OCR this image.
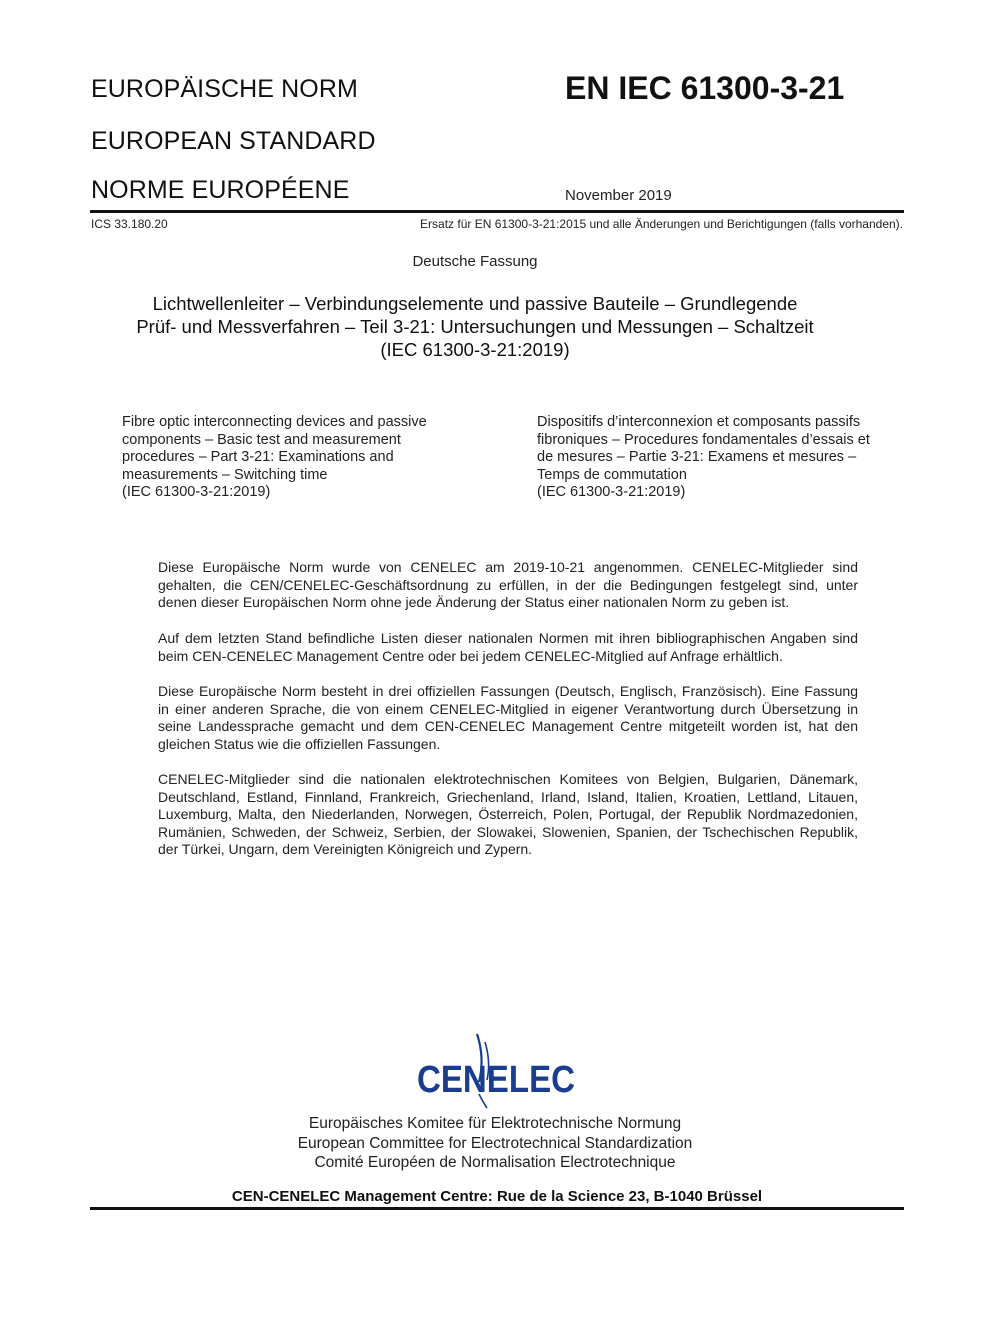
EUROPÄISCHE NORM
EUROPEAN STANDARD
NORME EUROPÉENE
EN IEC 61300-3-21
November 2019
ICS 33.180.20	Ersatz für EN 61300-3-21:2015 und alle Änderungen und Berichtigungen (falls vorhanden).
Deutsche Fassung
Lichtwellenleiter – Verbindungselemente und passive Bauteile – Grundlegende
Prüf- und Messverfahren – Teil 3-21: Untersuchungen und Messungen – Schaltzeit
(IEC 61300-3-21:2019)
Fibre optic interconnecting devices and passive
components – Basic test and measurement
procedures – Part 3-21: Examinations and
measurements – Switching time
(IEC 61300-3-21:2019)
Dispositifs d’interconnexion et composants passifs
fibroniques – Procedures fondamentales d’essais et
de mesures – Partie 3-21: Examens et mesures –
Temps de commutation
(IEC 61300-3-21:2019)
Diese Europäische Norm wurde von CENELEC am 2019-10-21 angenommen. CENELEC-Mitglieder sind
gehalten, die CEN/CENELEC-Geschäftsordnung zu erfüllen, in der die Bedingungen festgelegt sind, unter
denen dieser Europäischen Norm ohne jede Änderung der Status einer nationalen Norm zu geben ist.
Auf dem letzten Stand befindliche Listen dieser nationalen Normen mit ihren bibliographischen Angaben sind
beim CEN-CENELEC Management Centre oder bei jedem CENELEC-Mitglied auf Anfrage erhältlich.
Diese Europäische Norm besteht in drei offiziellen Fassungen (Deutsch, Englisch, Französisch). Eine Fassung
in einer anderen Sprache, die von einem CENELEC-Mitglied in eigener Verantwortung durch Übersetzung in
seine Landessprache gemacht und dem CEN-CENELEC Management Centre mitgeteilt worden ist, hat den
gleichen Status wie die offiziellen Fassungen.
CENELEC-Mitglieder sind die nationalen elektrotechnischen Komitees von Belgien, Bulgarien, Dänemark,
Deutschland, Estland, Finnland, Frankreich, Griechenland, Irland, Island, Italien, Kroatien, Lettland, Litauen,
Luxemburg, Malta, den Niederlanden, Norwegen, Österreich, Polen, Portugal, der Republik Nordmazedonien,
Rumänien, Schweden, der Schweiz, Serbien, der Slowakei, Slowenien, Spanien, der Tschechischen Republik,
der Türkei, Ungarn, dem Vereinigten Königreich und Zypern.
CENELEC
Europäisches Komitee für Elektrotechnische Normung
European Committee for Electrotechnical Standardization
Comité Européen de Normalisation Electrotechnique
CEN-CENELEC Management Centre: Rue de la Science 23, B-1040 Brüssel
